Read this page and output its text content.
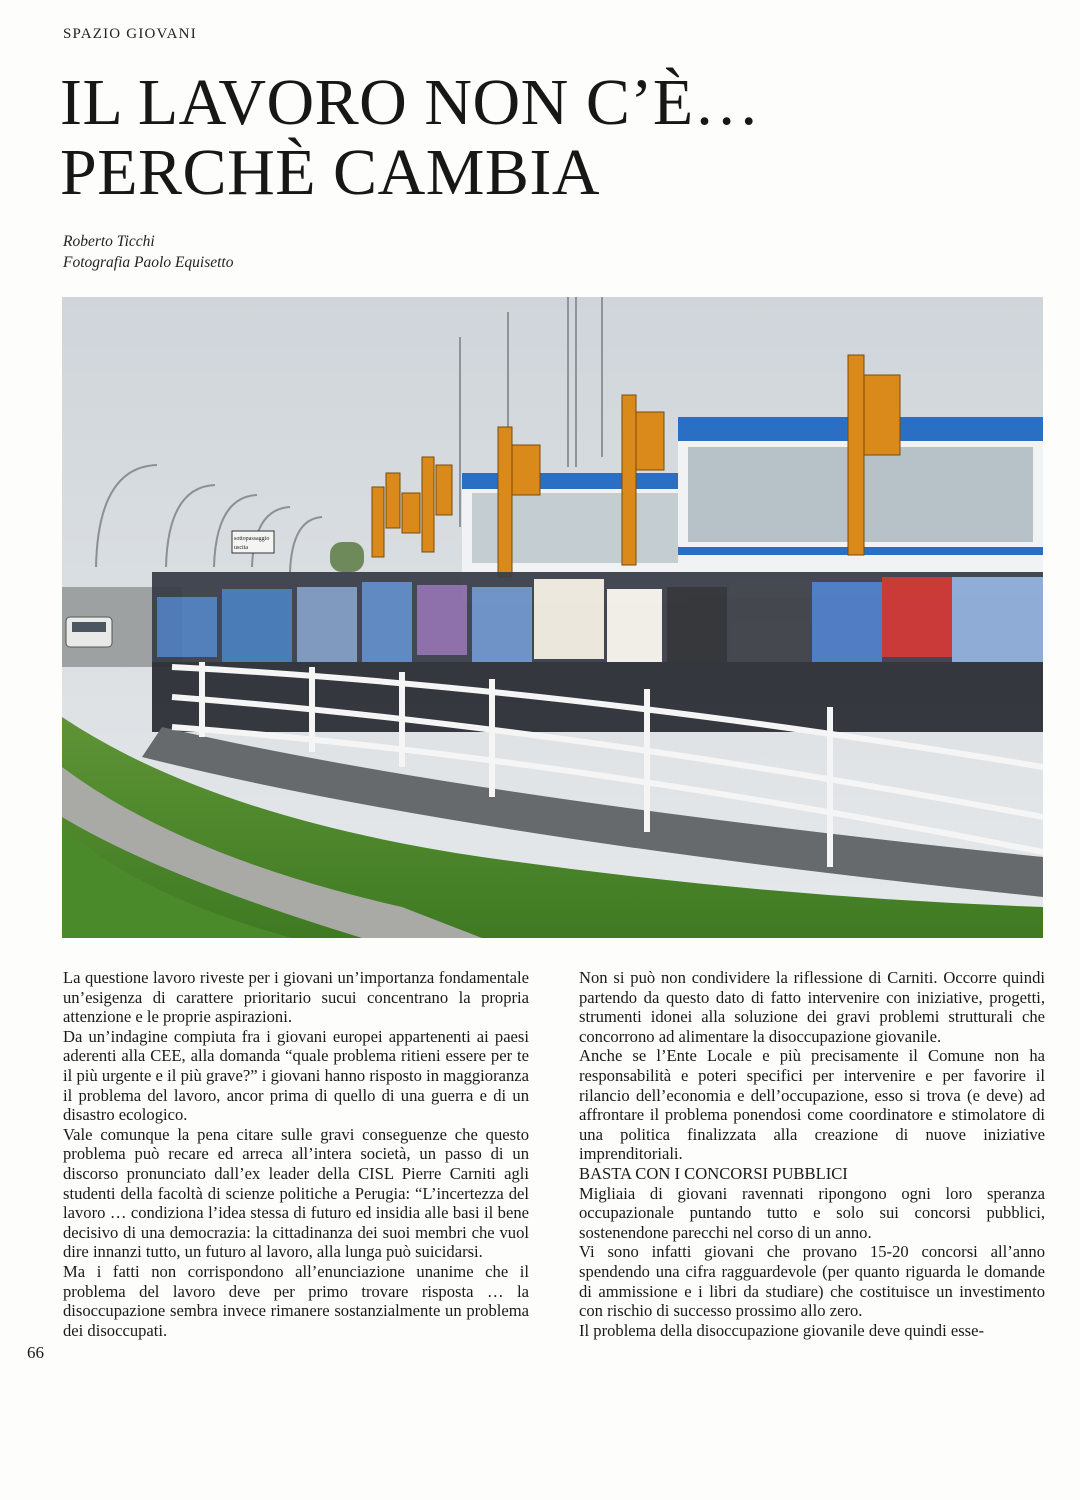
SPAZIO GIOVANI
IL LAVORO NON C’È…
PERCHÈ CAMBIA
Roberto Ticchi
Fotografia Paolo Equisetto
sottopassaggio
uscita

La questione lavoro riveste per i giovani un’importanza fondamentale un’esigenza di carattere prioritario sucui concentrano la propria attenzione e le proprie aspirazioni.

Da un’indagine compiuta fra i giovani europei appartenenti ai paesi aderenti alla CEE, alla domanda “quale problema ritieni essere per te il più urgente e il più grave?” i giovani hanno risposto in maggioranza il problema del lavoro, ancor prima di quello di una guerra e di un disastro ecologico.

Vale comunque la pena citare sulle gravi conseguenze che questo problema può recare ed arreca all’intera società, un passo di un discorso pronunciato dall’ex leader della CISL Pierre Carniti agli studenti della facoltà di scienze politiche a Perugia: “L’incertezza del lavoro … condiziona l’idea stessa di futuro ed insidia alle basi il bene decisivo di una democrazia: la cittadinanza dei suoi membri che vuol dire innanzi tutto, un futuro al lavoro, alla lunga può suicidarsi.

Ma i fatti non corrispondono all’enunciazione unanime che il problema del lavoro deve per primo trovare risposta … la disoccupazione sembra invece rimanere sostanzialmente un problema dei disoccupati.

Non si può non condividere la riflessione di Carniti. Occorre quindi partendo da questo dato di fatto intervenire con iniziative, progetti, strumenti idonei alla soluzione dei gravi problemi strutturali che concorrono ad alimentare la disoccupazione giovanile.

Anche se l’Ente Locale e più precisamente il Comune non ha responsabilità e poteri specifici per intervenire e per favorire il rilancio dell’economia e dell’occupazione, esso si trova (e deve) ad affrontare il problema ponendosi come coordinatore e stimolatore di una politica finalizzata alla creazione di nuove iniziative imprenditoriali.

BASTA CON I CONCORSI PUBBLICI

Migliaia di giovani ravennati ripongono ogni loro speranza occupazionale puntando tutto e solo sui concorsi pubblici, sostenendone parecchi nel corso di un anno.

Vi sono infatti giovani che provano 15-20 concorsi all’anno spendendo una cifra ragguardevole (per quanto riguarda le domande di ammissione e i libri da studiare) che costituisce un investimento con rischio di successo prossimo allo zero.

Il problema della disoccupazione giovanile deve quindi esse-

66
